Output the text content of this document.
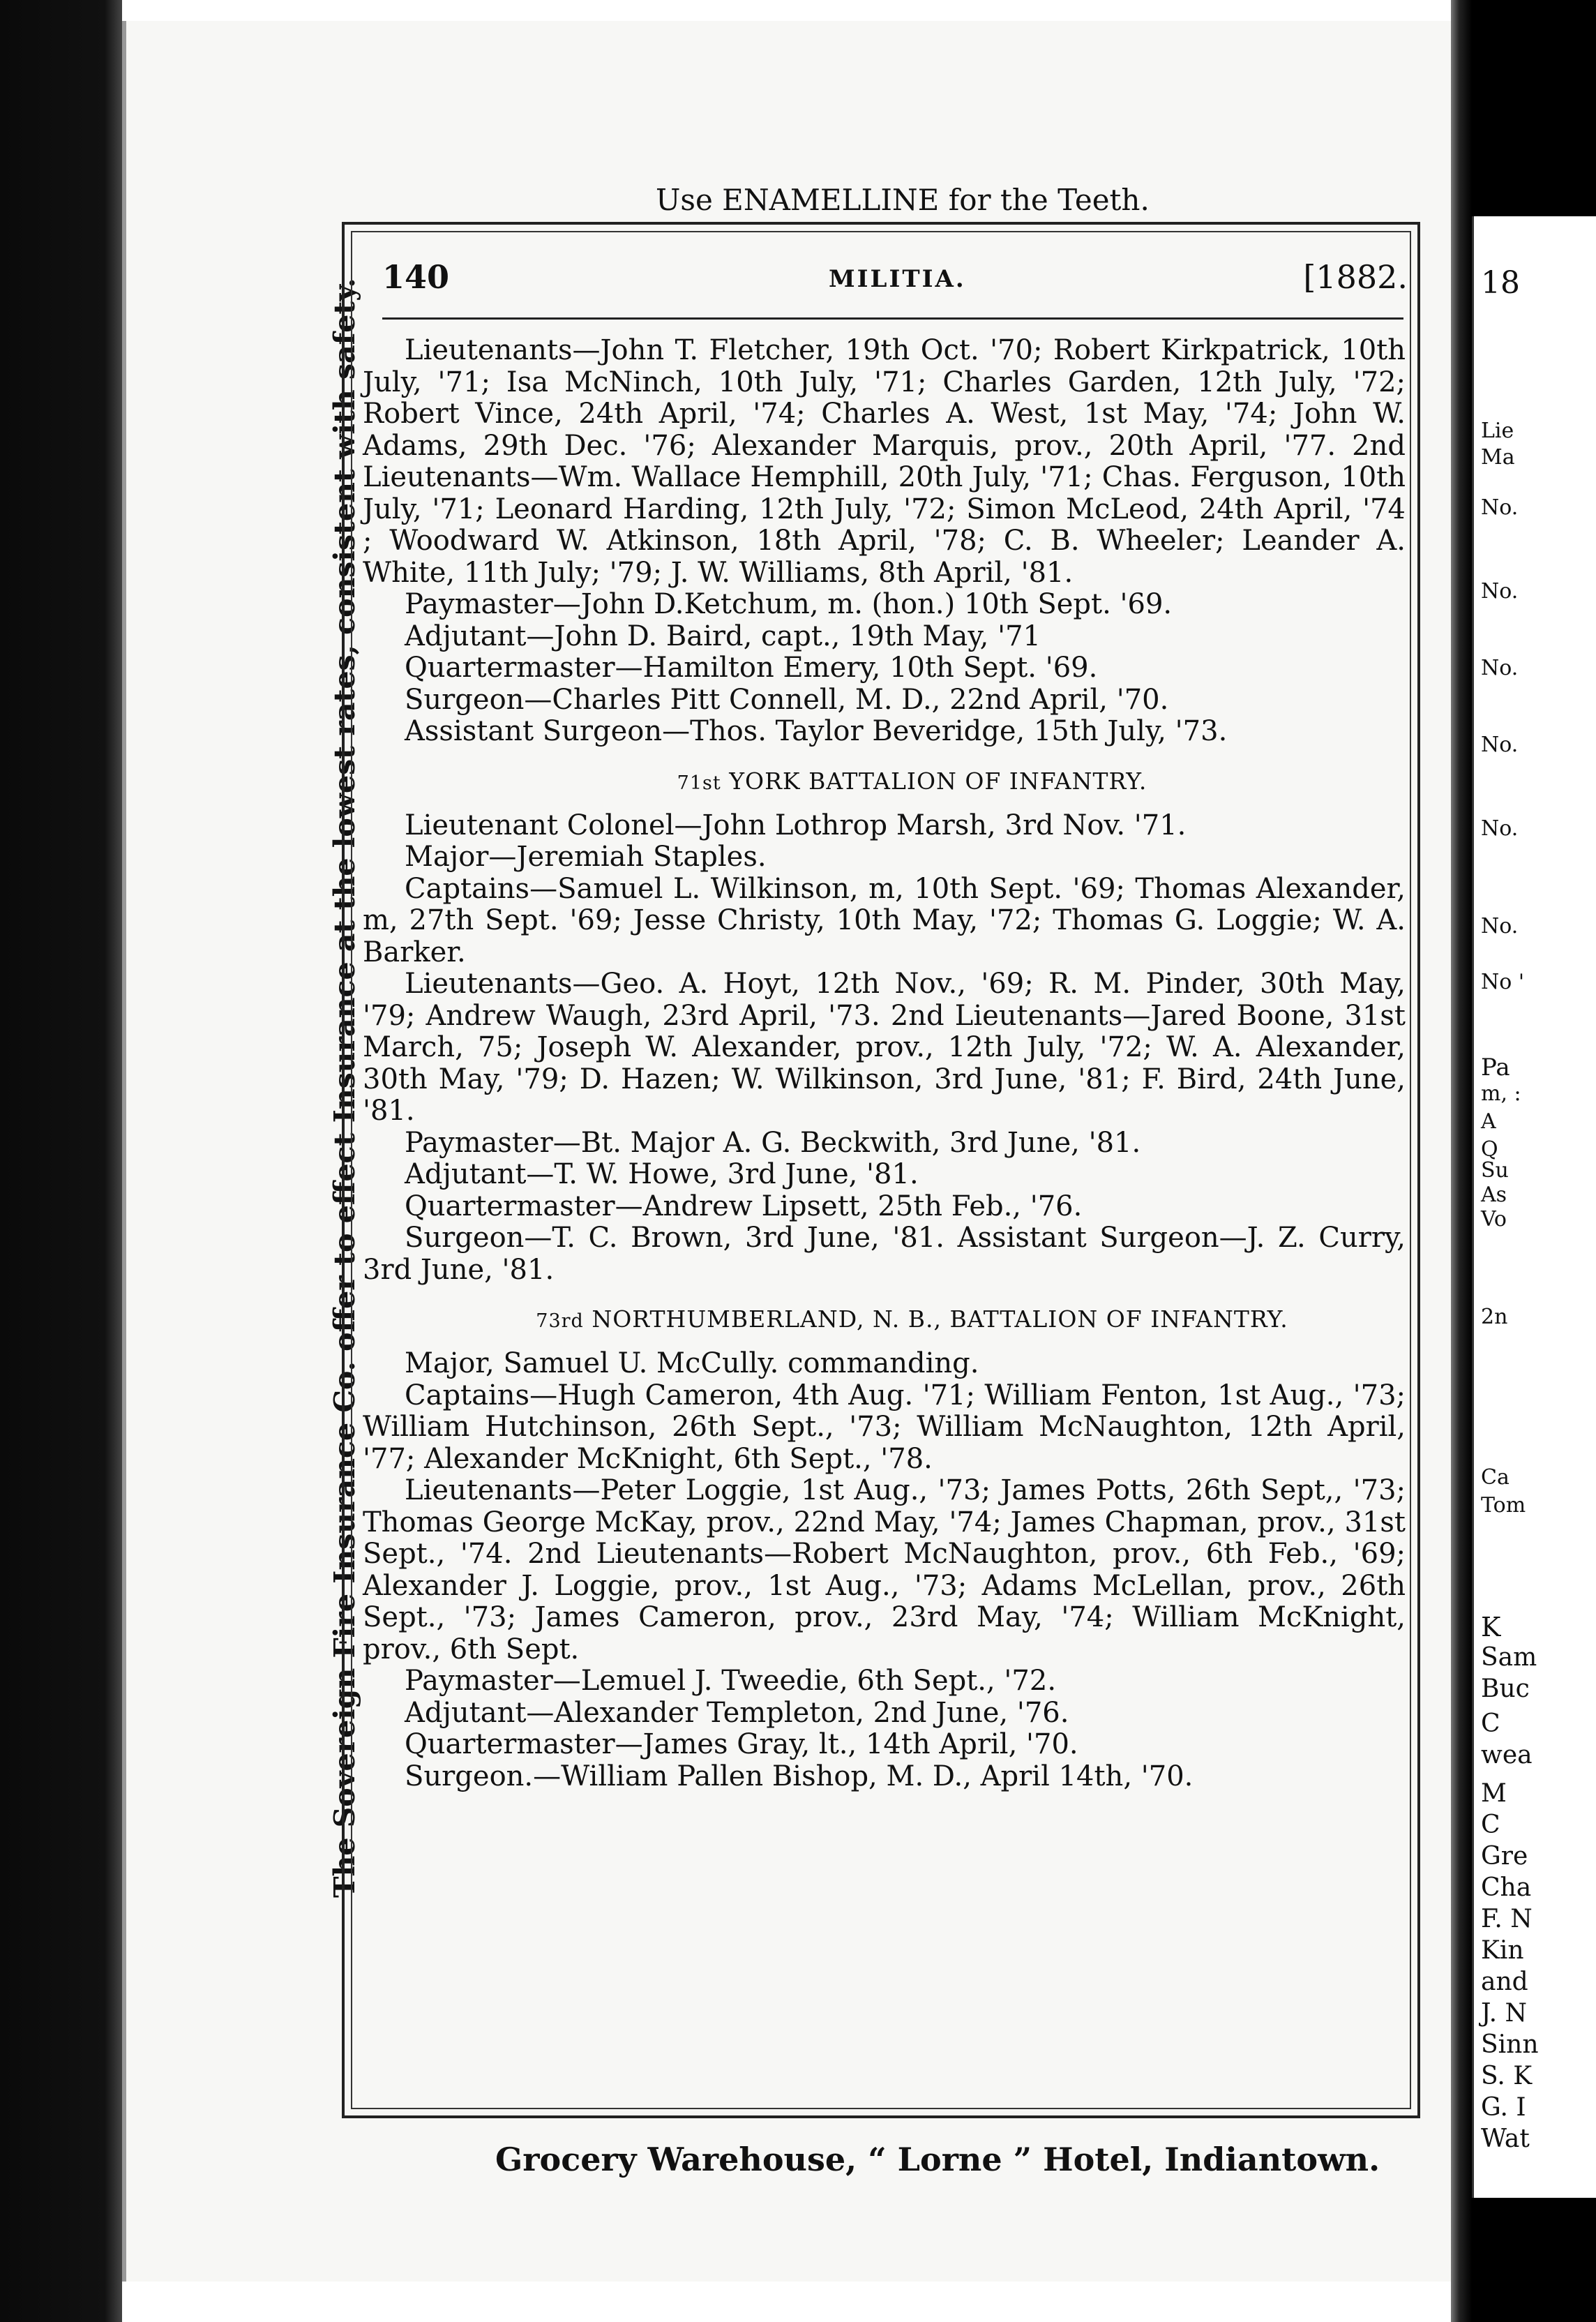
18
Lie
Ma
No.
No.
No.
No.
No.
No.
No '
Pa
m, :
A
Q
Su
As
Vo
2n
Ca
Tom
K
Sam
Buc
C
wea
M
C
Gre
Cha
F. N
Kin
and
J. N
Sinn
S. K
G. I
Wat
Use ENAMELLINE for the Teeth.
The Sovereign Fire Insurance Co. offer to effect Insurance at the lowest rates, consistent with safety.
140	MILITIA.	[1882.

Lieutenants—John T. Fletcher, 19th Oct. '70; Robert Kirkpatrick, 10th July, '71; Isa McNinch, 10th July, '71; Charles Garden, 12th July, '72; Robert Vince, 24th April, '74; Charles A. West, 1st May, '74; John W. Adams, 29th Dec. '76; Alexander Marquis, prov., 20th April, '77. 2nd Lieutenants—Wm. Wallace Hemphill, 20th July, '71; Chas. Ferguson, 10th July, '71; Leonard Harding, 12th July, '72; Simon McLeod, 24th April, '74 ; Woodward W. Atkinson, 18th April, '78; C. B. Wheeler; Leander A. White, 11th July; '79; J. W. Williams, 8th April, '81.

Paymaster—John D.Ketchum, m. (hon.) 10th Sept. '69.
Adjutant—John D. Baird, capt., 19th May, '71
Quartermaster—Hamilton Emery, 10th Sept. '69.
Surgeon—Charles Pitt Connell, M. D., 22nd April, '70.
Assistant Surgeon—Thos. Taylor Beveridge, 15th July, '73.
71st YORK BATTALION OF INFANTRY.
Lieutenant Colonel—John Lothrop Marsh, 3rd Nov. '71.
Major—Jeremiah Staples.

Captains—Samuel L. Wilkinson, m, 10th Sept. '69; Thomas Alexander, m, 27th Sept. '69; Jesse Christy, 10th May, '72; Thomas G. Loggie; W. A. Barker.

Lieutenants—Geo. A. Hoyt, 12th Nov., '69; R. M. Pinder, 30th May, '79; Andrew Waugh, 23rd April, '73. 2nd Lieutenants—Jared Boone, 31st March, 75; Joseph W. Alexander, prov., 12th July, '72; W. A. Alexander, 30th May, '79; D. Hazen; W. Wilkinson, 3rd June, '81; F. Bird, 24th June, '81.

Paymaster—Bt. Major A. G. Beckwith, 3rd June, '81.
Adjutant—T. W. Howe, 3rd June, '81.
Quartermaster—Andrew Lipsett, 25th Feb., '76.

Surgeon—T. C. Brown, 3rd June, '81. Assistant Surgeon—J. Z. Curry, 3rd June, '81.

73rd NORTHUMBERLAND, N. B., BATTALION OF INFANTRY.
Major, Samuel U. McCully. commanding.

Captains—Hugh Cameron, 4th Aug. '71; William Fenton, 1st Aug., '73; William Hutchinson, 26th Sept., '73; William McNaughton, 12th April, '77; Alexander McKnight, 6th Sept., '78.

Lieutenants—Peter Loggie, 1st Aug., '73; James Potts, 26th Sept,, '73; Thomas George McKay, prov., 22nd May, '74; James Chapman, prov., 31st Sept., '74. 2nd Lieutenants—Robert McNaughton, prov., 6th Feb., '69; Alexander J. Loggie, prov., 1st Aug., '73; Adams McLellan, prov., 26th Sept., '73; James Cameron, prov., 23rd May, '74; William McKnight, prov., 6th Sept.

Paymaster—Lemuel J. Tweedie, 6th Sept., '72.
Adjutant—Alexander Templeton, 2nd June, '76.
Quartermaster—James Gray, lt., 14th April, '70.
Surgeon.—William Pallen Bishop, M. D., April 14th, '70.
Grocery Warehouse, “ Lorne ” Hotel, Indiantown.
